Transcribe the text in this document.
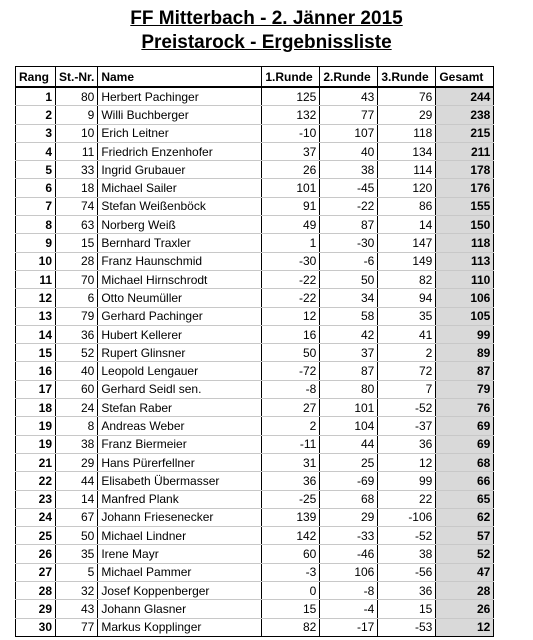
FF Mitterbach - 2. Jänner 2015
Preistarock - Ergebnissliste
Rang	St.-Nr.	Name	1.Runde	2.Runde	3.Runde	Gesamt
1	80	Herbert Pachinger	125	43	76	244
2	9	Willi Buchberger	132	77	29	238
3	10	Erich Leitner	-10	107	118	215
4	11	Friedrich Enzenhofer	37	40	134	211
5	33	Ingrid Grubauer	26	38	114	178
6	18	Michael Sailer	101	-45	120	176
7	74	Stefan Weißenböck	91	-22	86	155
8	63	Norberg Weiß	49	87	14	150
9	15	Bernhard Traxler	1	-30	147	118
10	28	Franz Haunschmid	-30	-6	149	113
11	70	Michael Hirnschrodt	-22	50	82	110
12	6	Otto Neumüller	-22	34	94	106
13	79	Gerhard Pachinger	12	58	35	105
14	36	Hubert Kellerer	16	42	41	99
15	52	Rupert Glinsner	50	37	2	89
16	40	Leopold Lengauer	-72	87	72	87
17	60	Gerhard Seidl sen.	-8	80	7	79
18	24	Stefan Raber	27	101	-52	76
19	8	Andreas Weber	2	104	-37	69
19	38	Franz Biermeier	-11	44	36	69
21	29	Hans Pürerfellner	31	25	12	68
22	44	Elisabeth Übermasser	36	-69	99	66
23	14	Manfred Plank	-25	68	22	65
24	67	Johann Friesenecker	139	29	-106	62
25	50	Michael Lindner	142	-33	-52	57
26	35	Irene Mayr	60	-46	38	52
27	5	Michael Pammer	-3	106	-56	47
28	32	Josef Koppenberger	0	-8	36	28
29	43	Johann Glasner	15	-4	15	26
30	77	Markus Kopplinger	82	-17	-53	12
